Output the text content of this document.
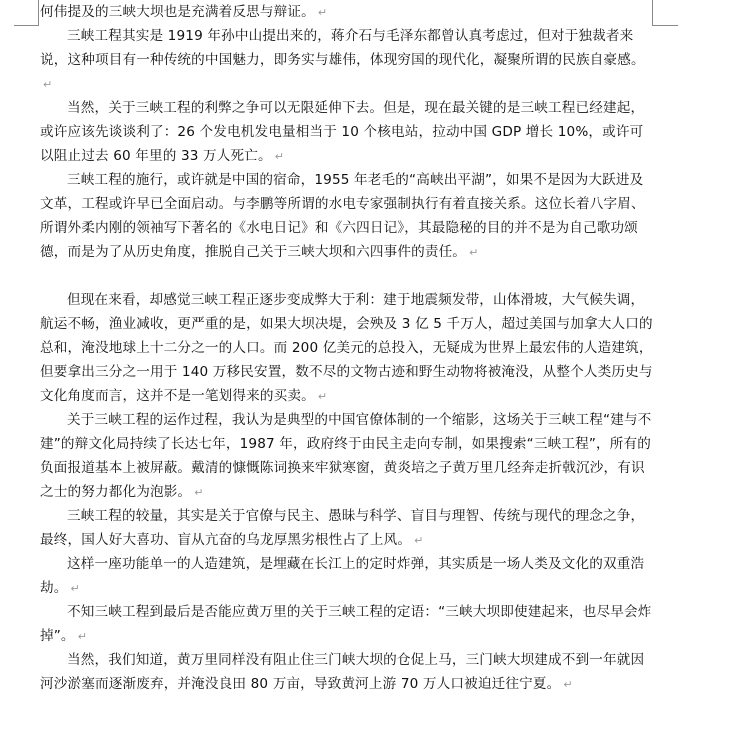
何伟提及的三峡大坝也是充满着反思与辩证。 ↵

三峡工程其实是 1919 年孙中山提出来的，蒋介石与毛泽东都曾认真考虑过，但对于独裁者来说，这种项目有一种传统的中国魅力，即务实与雄伟，体现穷国的现代化，凝聚所谓的民族自豪感。↵

当然，关于三峡工程的利弊之争可以无限延伸下去。但是，现在最关键的是三峡工程已经建起，或许应该先谈谈利了：26 个发电机发电量相当于 10 个核电站，拉动中国 GDP 增长 10%，或许可以阻止过去 60 年里的 33 万人死亡。 ↵

三峡工程的施行，或许就是中国的宿命，1955 年老毛的“高峡出平湖”，如果不是因为大跃进及文革，工程或许早已全面启动。与李鹏等所谓的水电专家强制执行有着直接关系。这位长着八字眉、所谓外柔内刚的领袖写下著名的《水电日记》和《六四日记》，其最隐秘的目的并不是为自己歌功颂德，而是为了从历史角度，推脱自己关于三峡大坝和六四事件的责任。 ↵

但现在来看，却感觉三峡工程正逐步变成弊大于利：建于地震频发带，山体滑坡，大气候失调，航运不畅，渔业减收，更严重的是，如果大坝决堤，会殃及 3 亿 5 千万人，超过美国与加拿大人口的总和，淹没地球上十二分之一的人口。而 200 亿美元的总投入，无疑成为世界上最宏伟的人造建筑，但要拿出三分之一用于 140 万移民安置，数不尽的文物古迹和野生动物将被淹没，从整个人类历史与文化角度而言，这并不是一笔划得来的买卖。 ↵

关于三峡工程的运作过程，我认为是典型的中国官僚体制的一个缩影，这场关于三峡工程“建与不建”的辩文化局持续了长达七年，1987 年，政府终于由民主走向专制，如果搜索“三峡工程”，所有的负面报道基本上被屏蔽。戴清的慷慨陈词换来牢狱寒窗，黄炎培之子黄万里几经奔走折戟沉沙，有识之士的努力都化为泡影。 ↵

三峡工程的较量，其实是关于官僚与民主、愚昧与科学、盲目与理智、传统与现代的理念之争，最终，国人好大喜功、盲从亢奋的乌龙厚黑劣根性占了上风。 ↵

这样一座功能单一的人造建筑，是埋藏在长江上的定时炸弹，其实质是一场人类及文化的双重浩劫。 ↵

不知三峡工程到最后是否能应黄万里的关于三峡工程的定语：“三峡大坝即使建起来，也尽早会炸掉”。 ↵

当然，我们知道，黄万里同样没有阻止住三门峡大坝的仓促上马，三门峡大坝建成不到一年就因河沙淤塞而逐渐废弃，并淹没良田 80 万亩，导致黄河上游 70 万人口被迫迁往宁夏。 ↵
